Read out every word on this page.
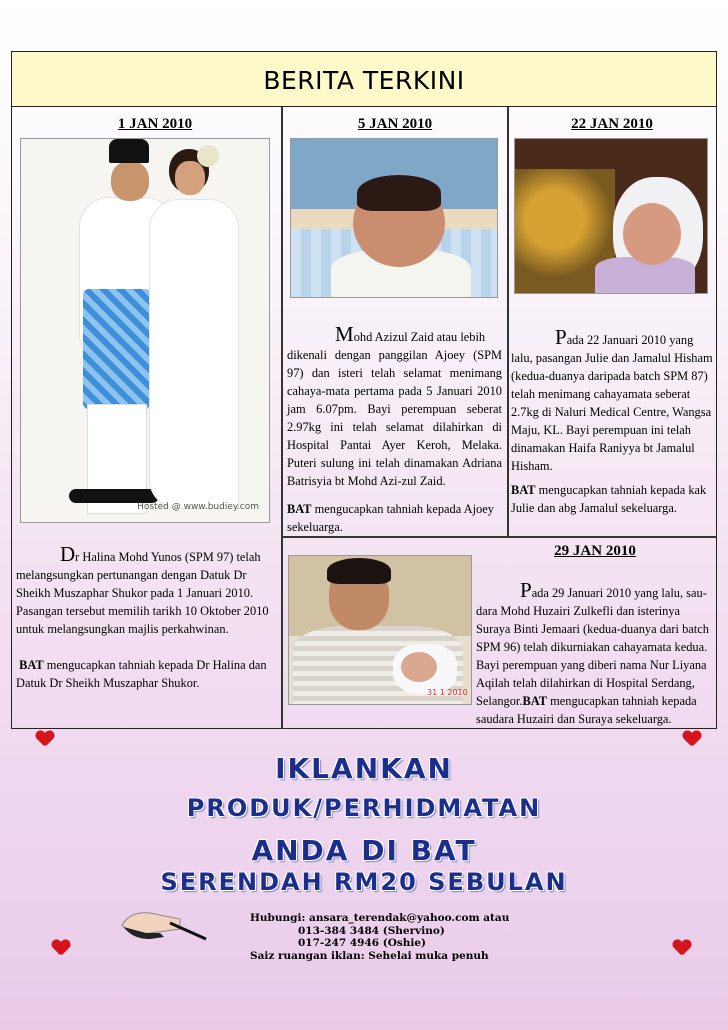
BERITA TERKINI
1 JAN 2010
Hosted @ www.budiey.com

Dr Halina Mohd Yunos (SPM 97) telah melangsungkan pertunangan dengan Datuk Dr Sheikh Muszaphar Shukor pada 1 Januari 2010. Pasangan tersebut memilih tarikh 10 Oktober 2010 untuk melangsungkan majlis perkahwinan.

BAT mengucapkan tahniah kepada Dr Halina dan Datuk Dr Sheikh Muszaphar Shukor.

5 JAN 2010

Mohd Azizul Zaid atau lebih

dikenali dengan panggilan Ajoey (SPM 97) dan isteri telah selamat menimang cahaya-mata pertama pada 5 Januari 2010 jam 6.07pm. Bayi perempuan seberat 2.97kg ini telah selamat dilahirkan di Hospital Pantai Ayer Keroh, Melaka. Puteri sulung ini telah dinamakan Adriana Batrisyia bt Mohd Azi-zul Zaid.

BAT mengucapkan tahniah kepada Ajoey sekeluarga.

22 JAN 2010

Pada 22 Januari 2010 yang

lalu, pasangan Julie dan Jamalul Hisham (kedua-duanya daripada batch SPM 87) telah menimang cahayamata seberat 2.7kg di Naluri Medical Centre, Wangsa Maju, KL. Bayi perempuan ini telah dinamakan Haifa Raniyya bt Jamalul Hisham.

BAT mengucapkan tahniah kepada kak Julie dan abg Jamalul sekeluarga.

29 JAN 2010
31 1 2010

Pada 29 Januari 2010 yang lalu, sau-

dara Mohd Huzairi Zulkefli dan isterinya Suraya Binti Jemaari (kedua-duanya dari batch SPM 96) telah dikurniakan cahayamata kedua. Bayi perempuan yang diberi nama Nur Liyana Aqilah telah dilahirkan di Hospital Serdang, Selangor.BAT mengucapkan tahniah kepada saudara Huzairi dan Suraya sekeluarga.

IKLANKAN
PRODUK/PERHIDMATAN
ANDA DI BAT
SERENDAH RM20 SEBULAN
Hubungi: ansara_terendak@yahoo.com atau
013-384 3484 (Shervino)
017-247 4946 (Oshie)
Saiz ruangan iklan: Sehelai muka penuh
